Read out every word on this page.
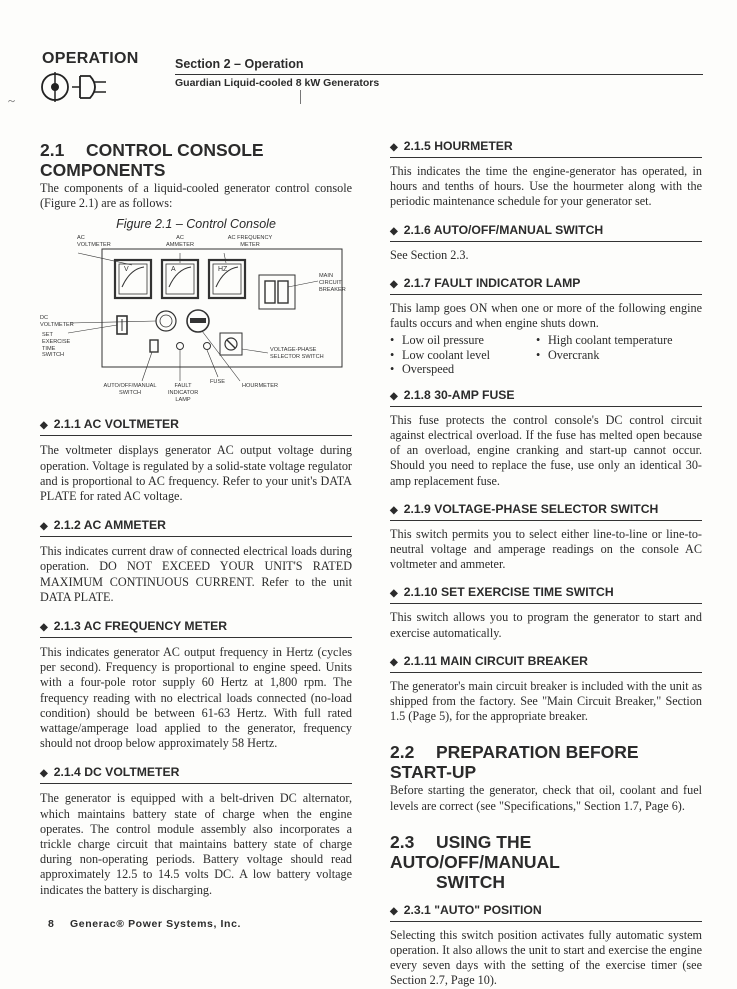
OPERATION	Section 2 – Operation
Guardian Liquid-cooled 8 kW Generators
~
2.1 CONTROL CONSOLE COMPONENTS

The components of a liquid-cooled generator control console (Figure 2.1) are as follows:

Figure 2.1 – Control Console
AC VOLTMETER
AC AMMETER
AC FREQUENCY METER
MAIN CIRCUIT BREAKER
DC VOLTMETER
SET EXERCISE TIME SWITCH
VOLTAGE-PHASE SELECTOR SWITCH
AUTO/OFF/MANUAL SWITCH
FAULT INDICATOR LAMP
FUSE
HOURMETER
V	A	HZ
◆ 2.1.1 AC VOLTMETER

The voltmeter displays generator AC output voltage during operation. Voltage is regulated by a solid-state voltage regulator and is proportional to AC frequency. Refer to your unit's DATA PLATE for rated AC voltage.

◆ 2.1.2 AC AMMETER

This indicates current draw of connected electrical loads during operation. DO NOT EXCEED YOUR UNIT'S RATED MAXIMUM CONTINUOUS CURRENT. Refer to the unit DATA PLATE.

◆ 2.1.3 AC FREQUENCY METER

This indicates generator AC output frequency in Hertz (cycles per second). Frequency is proportional to engine speed. Units with a four-pole rotor supply 60 Hertz at 1,800 rpm. The frequency reading with no electrical loads connected (no-load condition) should be between 61-63 Hertz. With full rated wattage/amperage load applied to the generator, frequency should not droop below approximately 58 Hertz.

◆ 2.1.4 DC VOLTMETER

The generator is equipped with a belt-driven DC alternator, which maintains battery state of charge when the engine operates. The control module assembly also incorporates a trickle charge circuit that maintains battery state of charge during non-operating periods. Battery voltage should read approximately 12.5 to 14.5 volts DC. A low battery voltage indicates the battery is discharging.

◆ 2.1.5 HOURMETER

This indicates the time the engine-generator has operated, in hours and tenths of hours. Use the hourmeter along with the periodic maintenance schedule for your generator set.

◆ 2.1.6 AUTO/OFF/MANUAL SWITCH

See Section 2.3.

◆ 2.1.7 FAULT INDICATOR LAMP

This lamp goes ON when one or more of the following engine faults occurs and when engine shuts down.

• Low oil pressure	• High coolant temperature
• Low coolant level	• Overcrank
• Overspeed
◆ 2.1.8 30-AMP FUSE

This fuse protects the control console's DC control circuit against electrical overload. If the fuse has melted open because of an overload, engine cranking and start-up cannot occur. Should you need to replace the fuse, use only an identical 30-amp replacement fuse.

◆ 2.1.9 VOLTAGE-PHASE SELECTOR SWITCH

This switch permits you to select either line-to-line or line-to-neutral voltage and amperage readings on the console AC voltmeter and ammeter.

◆ 2.1.10 SET EXERCISE TIME SWITCH

This switch allows you to program the generator to start and exercise automatically.

◆ 2.1.11 MAIN CIRCUIT BREAKER

The generator's main circuit breaker is included with the unit as shipped from the factory. See "Main Circuit Breaker," Section 1.5 (Page 5), for the appropriate breaker.

2.2 PREPARATION BEFORE START-UP

Before starting the generator, check that oil, coolant and fuel levels are correct (see "Specifications," Section 1.7, Page 6).

2.3 USING THE AUTO/OFF/MANUAL
SWITCH
◆ 2.3.1 "AUTO" POSITION

Selecting this switch position activates fully automatic system operation. It also allows the unit to start and exercise the engine every seven days with the setting of the exercise timer (see Section 2.7, Page 10).

8 Generac® Power Systems, Inc.
